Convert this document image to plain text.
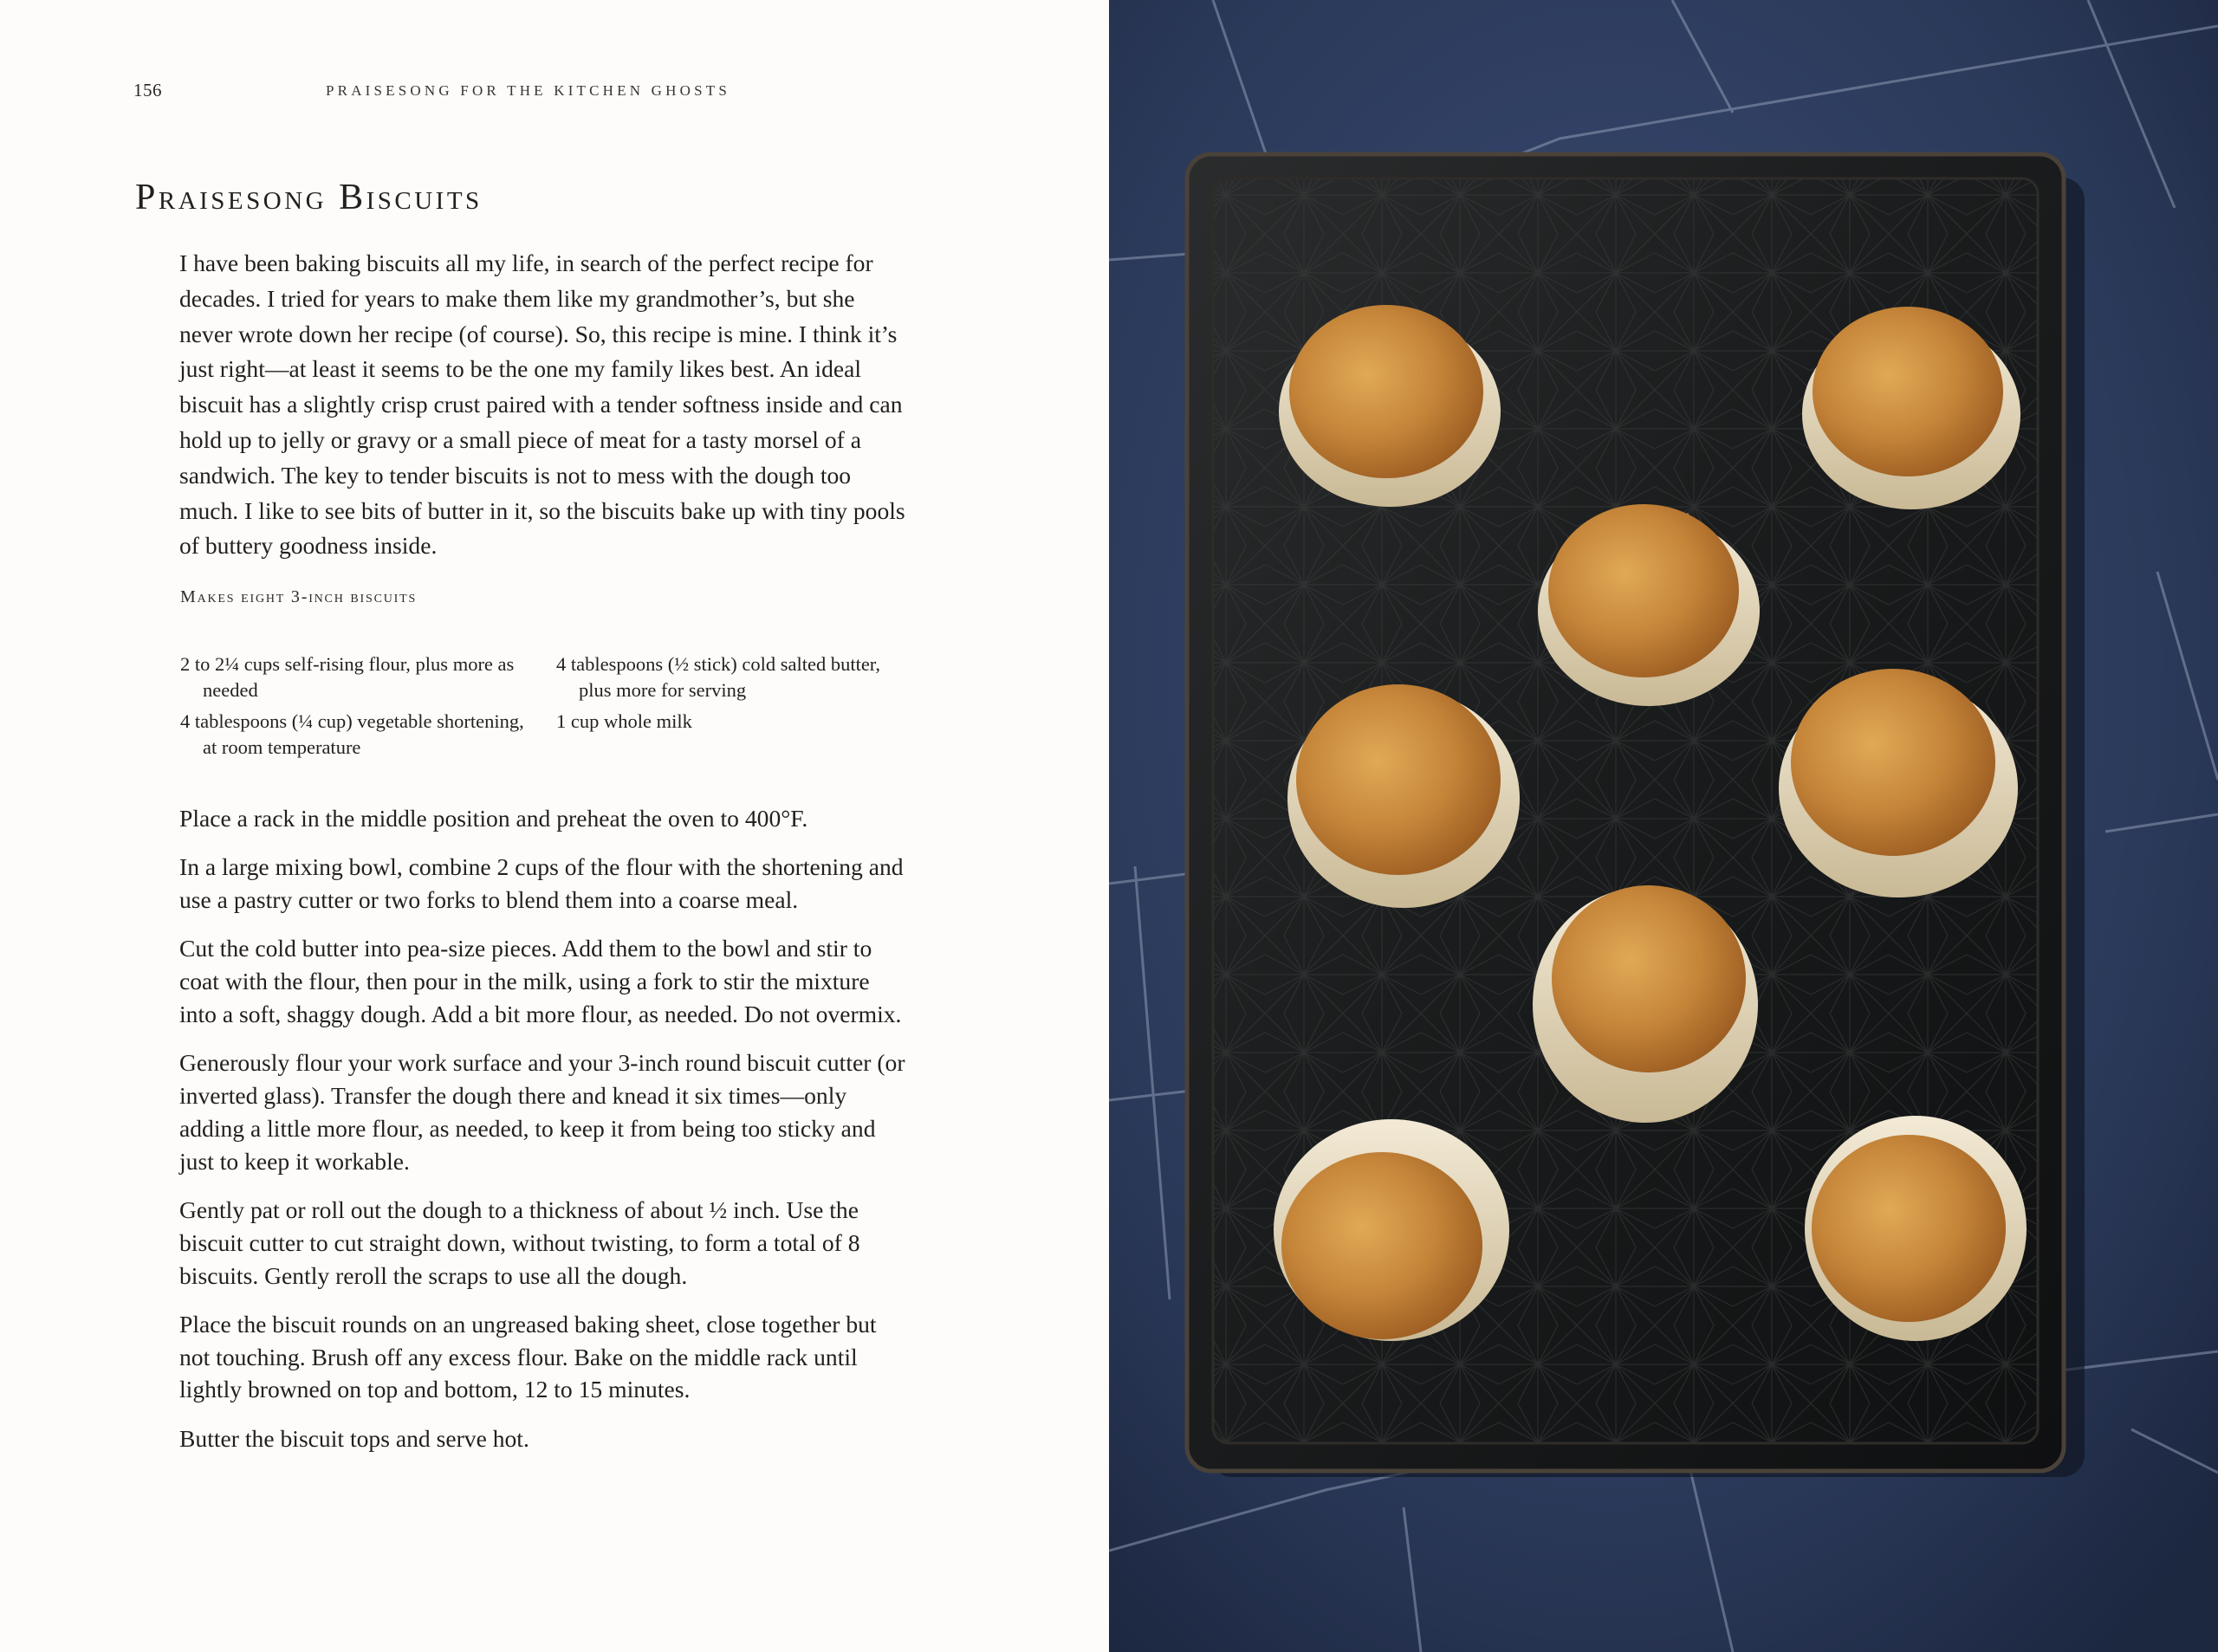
156	PRAISESONG FOR THE KITCHEN GHOSTS
Praisesong Biscuits

I have been baking biscuits all my life, in search of the perfect recipe for decades. I tried for years to make them like my grandmother’s, but she never wrote down her recipe (of course). So, this recipe is mine. I think it’s just right—at least it seems to be the one my family likes best. An ideal biscuit has a slightly crisp crust paired with a tender softness inside and can hold up to jelly or gravy or a small piece of meat for a tasty morsel of a sandwich. The key to tender biscuits is not to mess with the dough too much. I like to see bits of butter in it, so the biscuits bake up with tiny pools of buttery goodness inside.

Makes eight 3-inch biscuits
2 to 2¼ cups self-rising flour, plus more as needed
4 tablespoons (¼ cup) vegetable shortening, at room temperature
4 tablespoons (½ stick) cold salted butter, plus more for serving
1 cup whole milk

Place a rack in the middle position and preheat the oven to 400°F.

In a large mixing bowl, combine 2 cups of the flour with the shortening and use a pastry cutter or two forks to blend them into a coarse meal.

Cut the cold butter into pea-size pieces. Add them to the bowl and stir to coat with the flour, then pour in the milk, using a fork to stir the mixture into a soft, shaggy dough. Add a bit more flour, as needed. Do not overmix.

Generously flour your work surface and your 3-inch round biscuit cutter (or inverted glass). Transfer the dough there and knead it six times—only adding a little more flour, as needed, to keep it from being too sticky and just to keep it workable.

Gently pat or roll out the dough to a thickness of about ½ inch. Use the biscuit cutter to cut straight down, without twisting, to form a total of 8 biscuits. Gently reroll the scraps to use all the dough.

Place the biscuit rounds on an ungreased baking sheet, close together but not touching. Brush off any excess flour. Bake on the middle rack until lightly browned on top and bottom, 12 to 15 minutes.

Butter the biscuit tops and serve hot.
